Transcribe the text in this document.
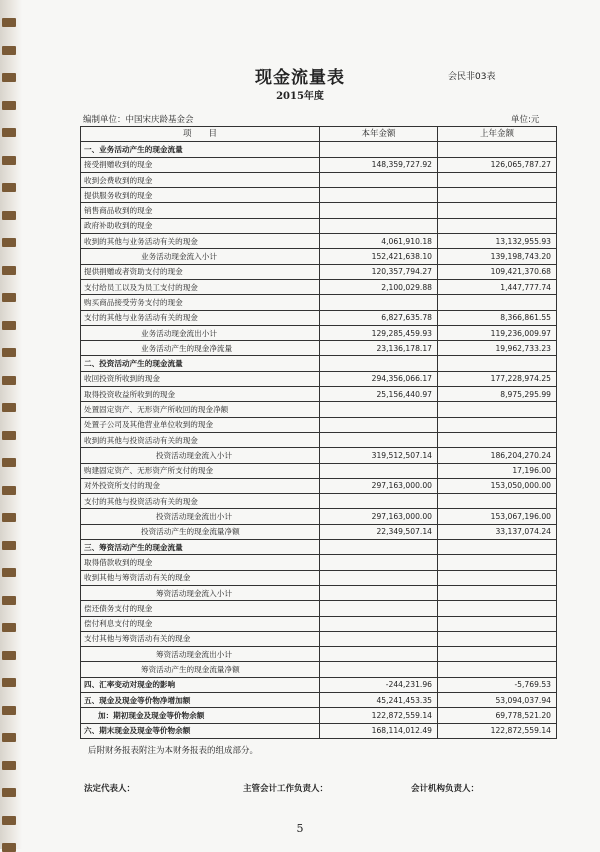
现金流量表	会民非03表
2015年度
编制单位：中国宋庆龄基金会	单位:元
项　　目	本年金额	上年金额
一、业务活动产生的现金流量		
接受捐赠收到的现金	148,359,727.92	126,065,787.27
收到会费收到的现金		
提供服务收到的现金		
销售商品收到的现金		
政府补助收到的现金		
收到的其他与业务活动有关的现金	4,061,910.18	13,132,955.93
业务活动现金流入小计	152,421,638.10	139,198,743.20
提供捐赠或者资助支付的现金	120,357,794.27	109,421,370.68
支付给员工以及为员工支付的现金	2,100,029.88	1,447,777.74
购买商品接受劳务支付的现金		
支付的其他与业务活动有关的现金	6,827,635.78	8,366,861.55
业务活动现金流出小计	129,285,459.93	119,236,009.97
业务活动产生的现金净流量	23,136,178.17	19,962,733.23
二、投资活动产生的现金流量		
收回投资所收到的现金	294,356,066.17	177,228,974.25
取得投资收益所收到的现金	25,156,440.97	8,975,295.99
处置固定资产、无形资产所收回的现金净额		
处置子公司及其他营业单位收到的现金		
收到的其他与投资活动有关的现金		
投资活动现金流入小计	319,512,507.14	186,204,270.24
购建固定资产、无形资产所支付的现金		17,196.00
对外投资所支付的现金	297,163,000.00	153,050,000.00
支付的其他与投资活动有关的现金		
投资活动现金流出小计	297,163,000.00	153,067,196.00
投资活动产生的现金流量净额	22,349,507.14	33,137,074.24
三、筹资活动产生的现金流量		
取得借款收到的现金		
收到其他与筹资活动有关的现金		
筹资活动现金流入小计		
偿还债务支付的现金		
偿付利息支付的现金		
支付其他与筹资活动有关的现金		
筹资活动现金流出小计		
筹资活动产生的现金流量净额		
四、汇率变动对现金的影响	-244,231.96	-5,769.53
五、现金及现金等价物净增加额	45,241,453.35	53,094,037.94
加：期初现金及现金等价物余额	122,872,559.14	69,778,521.20
六、期末现金及现金等价物余额	168,114,012.49	122,872,559.14
后附财务报表附注为本财务报表的组成部分。
法定代表人：	主管会计工作负责人：	会计机构负责人：
5
